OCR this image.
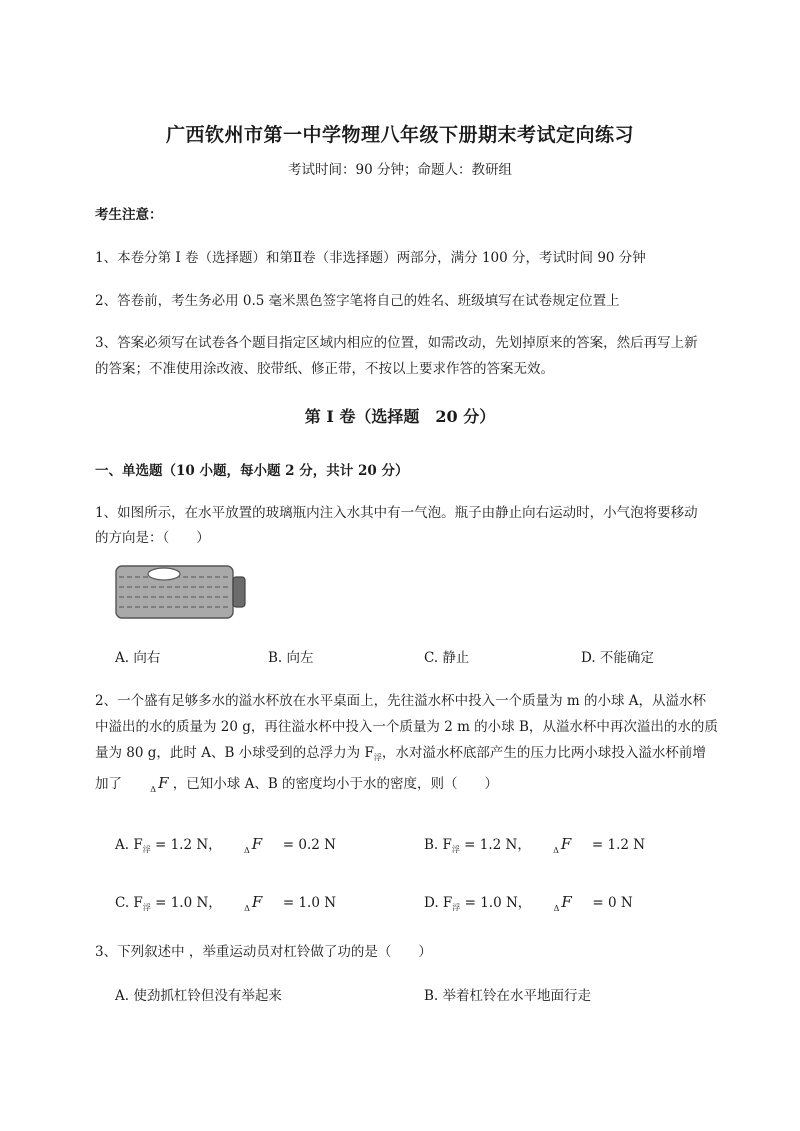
广西钦州市第一中学物理八年级下册期末考试定向练习
考试时间：90 分钟；命题人：教研组
考生注意：
1、本卷分第 I 卷（选择题）和第Ⅱ卷（非选择题）两部分，满分 100 分，考试时间 90 分钟
2、答卷前，考生务必用 0.5 毫米黑色签字笔将自己的姓名、班级填写在试卷规定位置上
3、答案必须写在试卷各个题目指定区域内相应的位置，如需改动，先划掉原来的答案，然后再写上新
的答案；不准使用涂改液、胶带纸、修正带，不按以上要求作答的答案无效。
第 I 卷（选择题　20 分）
一、单选题（10 小题，每小题 2 分，共计 20 分）
1、如图所示，在水平放置的玻璃瓶内注入水其中有一气泡。瓶子由静止向右运动时，小气泡将要移动
的方向是：（　　）
A. 向右	B. 向左	C. 静止	D. 不能确定
2、一个盛有足够多水的溢水杯放在水平桌面上，先往溢水杯中投入一个质量为 m 的小球 A，从溢水杯
中溢出的水的质量为 20 g，再往溢水杯中投入一个质量为 2 m 的小球 B，从溢水杯中再次溢出的水的质
量为 80 g，此时 A、B 小球受到的总浮力为 $F_浮$，水对溢水杯底部产生的压力比两小球投入溢水杯前增
加了	$_\Delta$ F ，已知小球 A、B 的密度均小于水的密度，则（　　）
A. $F_浮 = 1.2$ N，	$_\Delta$ F  = 0.2 N	B. $F_浮 = 1.2$ N，	$_\Delta$ F  = 1.2 N
C. $F_浮 = 1.0$ N，	$_\Delta$ F  = 1.0 N	D. $F_浮 = 1.0$ N，	$_\Delta$ F  = 0 N
3、下列叙述中 ，举重运动员对杠铃做了功的是（　　）
A. 使劲抓杠铃但没有举起来	B. 举着杠铃在水平地面行走
